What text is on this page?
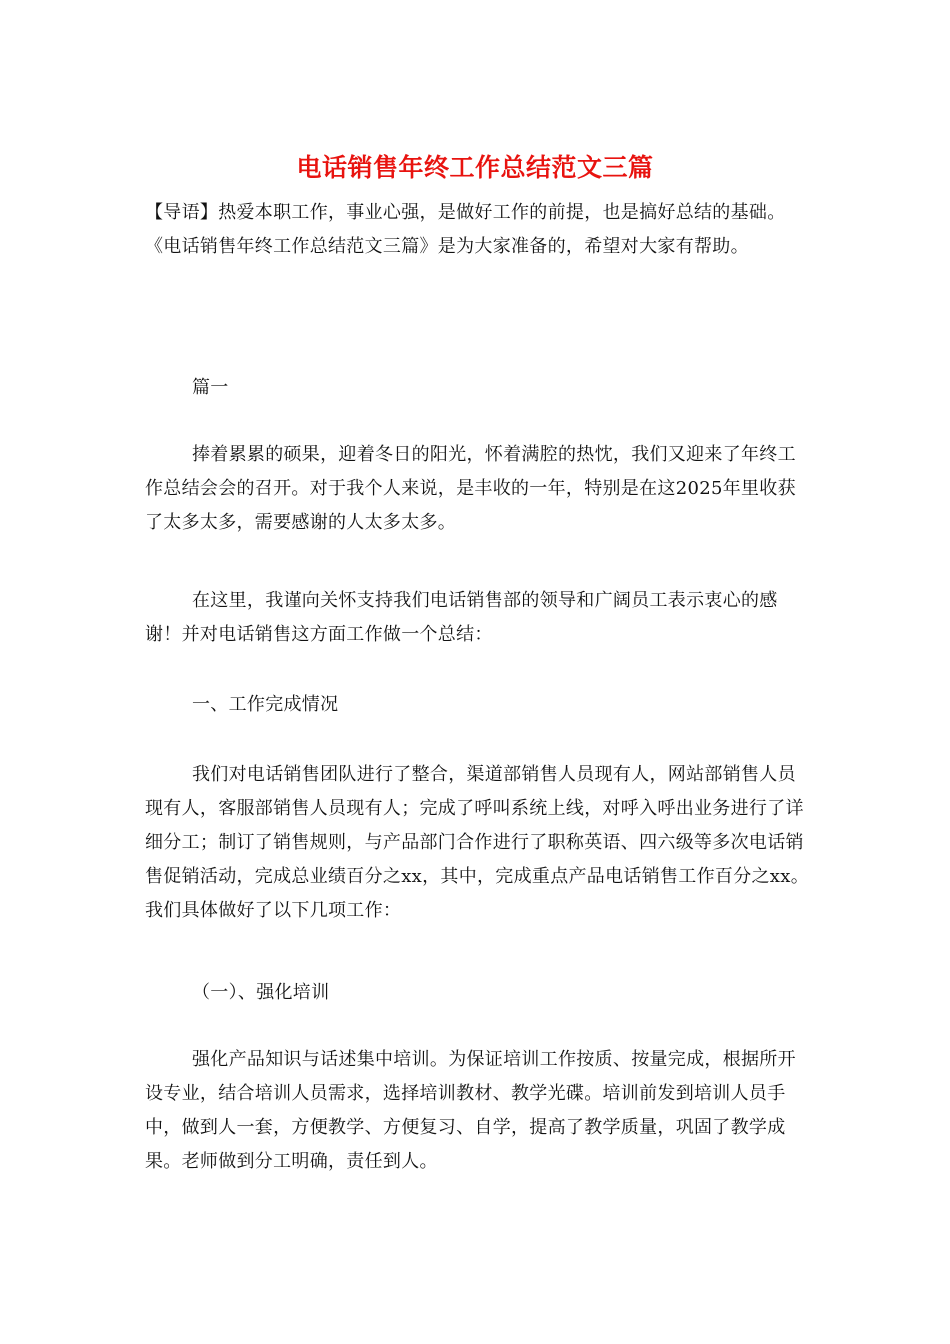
电话销售年终工作总结范文三篇

【导语】热爱本职工作，事业心强，是做好工作的前提，也是搞好总结的基础。

《电话销售年终工作总结范文三篇》是为大家准备的，希望对大家有帮助。

篇一

捧着累累的硕果，迎着冬日的阳光，怀着满腔的热忱，我们又迎来了年终工作总结会会的召开。对于我个人来说，是丰收的一年，特别是在这2025年里收获了太多太多，需要感谢的人太多太多。

在这里，我谨向关怀支持我们电话销售部的领导和广阔员工表示衷心的感谢！并对电话销售这方面工作做一个总结：

一、工作完成情况

我们对电话销售团队进行了整合，渠道部销售人员现有人，网站部销售人员现有人，客服部销售人员现有人；完成了呼叫系统上线，对呼入呼出业务进行了详细分工；制订了销售规则，与产品部门合作进行了职称英语、四六级等多次电话销售促销活动，完成总业绩百分之xx，其中，完成重点产品电话销售工作百分之xx。我们具体做好了以下几项工作：

（一）、强化培训

强化产品知识与话述集中培训。为保证培训工作按质、按量完成，根据所开设专业，结合培训人员需求，选择培训教材、教学光碟。培训前发到培训人员手中，做到人一套，方便教学、方便复习、自学，提高了教学质量，巩固了教学成果。老师做到分工明确，责任到人。
